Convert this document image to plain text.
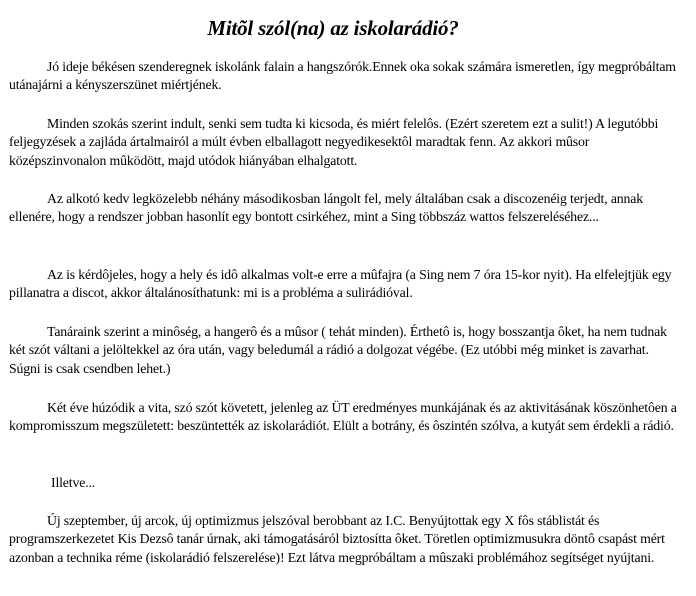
Mitõl szól(na) az iskolarádió?

Jó ideje békésen szenderegnek iskolánk falain a hangszórók.Ennek oka sokak számára ismeretlen, így megpróbáltam utánajárni a kényszerszünet miértjének.

Minden szokás szerint indult, senki sem tudta ki kicsoda, és miért felelôs. (Ezért szeretem ezt a sulit!) A legutóbbi feljegyzések a zajláda ártalmairól a múlt évben elballagott negyedikesektôl maradtak fenn. Az akkori mûsor középszinvonalon mûködött, majd utódok hiányában elhalgatott.

Az alkotó kedv legközelebb néhány másodikosban lángolt fel, mely általában csak a discozenéig terjedt, annak ellenére, hogy a rendszer jobban hasonlít egy bontott csirkéhez, mint a Sing többszáz wattos felszereléséhez...

Az is kérdôjeles, hogy a hely és idô alkalmas volt-e erre a mûfajra (a Sing nem 7 óra 15-kor nyit). Ha elfelejtjük egy pillanatra a discot, akkor általánosíthatunk: mi is a probléma a sulirádióval.

Tanáraink szerint a minôség, a hangerô és a mûsor ( tehát minden). Érthetô is, hogy bosszantja ôket, ha nem tudnak két szót váltani a jelöltekkel az óra után, vagy beledumál a rádió a dolgozat végébe. (Ez utóbbi még minket is zavarhat. Súgni is csak csendben lehet.)

Két éve húzódik a vita, szó szót követett, jelenleg az ÜT eredményes munkájának és az aktivitásának köszönhetôen a kompromisszum megszületett: beszüntették az iskolarádiót. Elült a botrány, és ôszintén szólva, a kutyát sem érdekli a rádió.

Illetve...

Új szeptember, új arcok, új optimizmus jelszóval berobbant az I.C. Benyújtottak egy X fôs stáblistát és programszerkezetet Kis Dezsô tanár úrnak, aki támogatásáról biztosítta ôket. Töretlen optimizmusukra döntô csapást mért azonban a technika réme (iskolarádió felszerelése)! Ezt látva megpróbáltam a mûszaki problémához segítséget nyújtani.
